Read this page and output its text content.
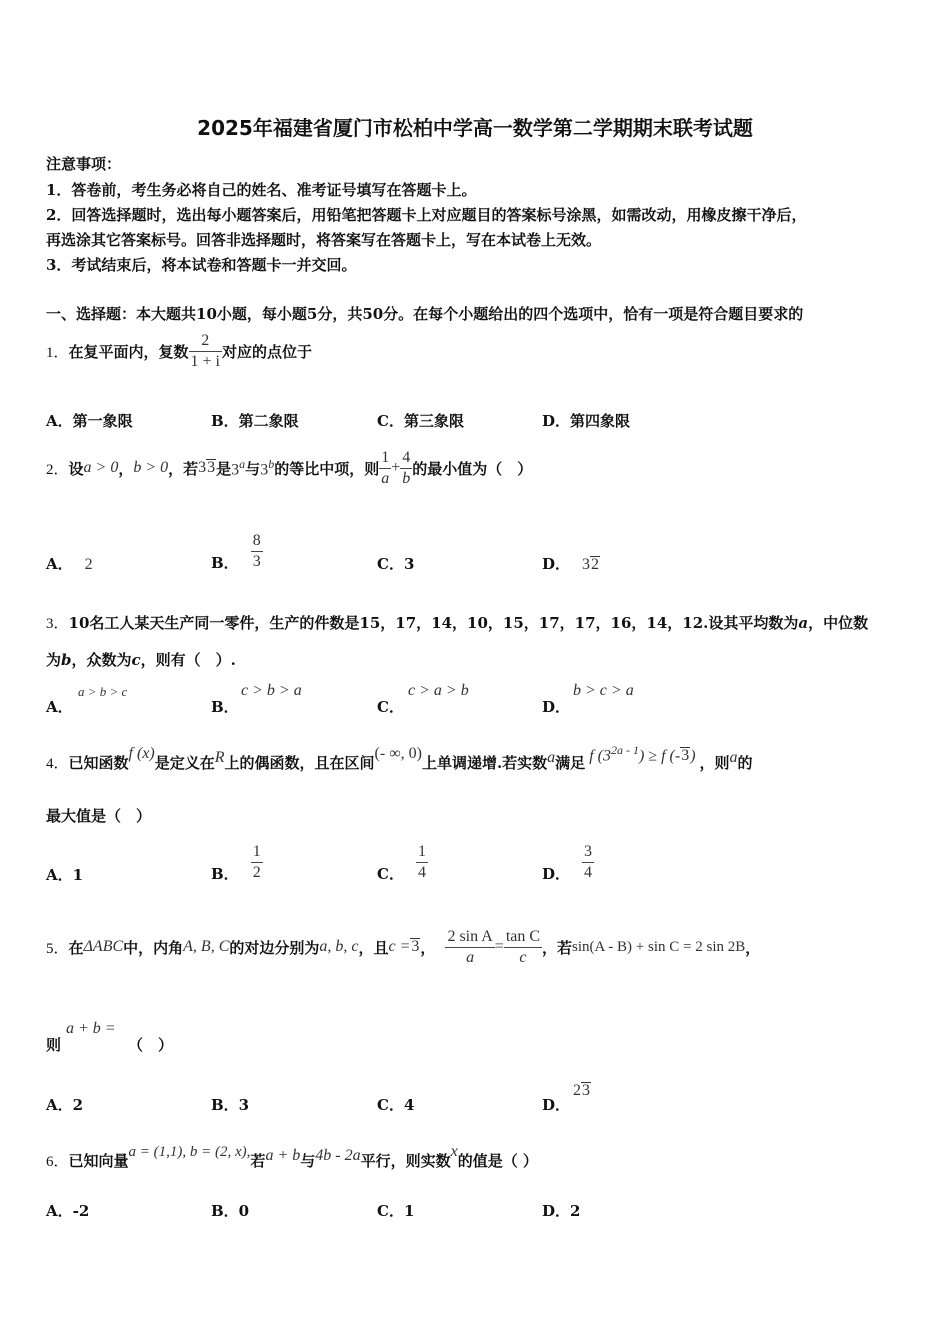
2025年福建省厦门市松柏中学高一数学第二学期期末联考试题
注意事项：
1．答卷前，考生务必将自己的姓名、准考证号填写在答题卡上。
2．回答选择题时，选出每小题答案后，用铅笔把答题卡上对应题目的答案标号涂黑，如需改动，用橡皮擦干净后，
再选涂其它答案标号。回答非选择题时，将答案写在答题卡上，写在本试卷上无效。
3．考试结束后，将本试卷和答题卡一并交回。
一、选择题：本大题共10小题，每小题5分，共50分。在每个小题给出的四个选项中，恰有一项是符合题目要求的
1． 在复平面内，复数 $\frac{2}{1 + i}$ 对应的点位于
A．第一象限	B．第二象限	C．第三象限	D．第四象限
2． 设 a > 0 ， b > 0 ，若 33 是 3$^a$ 与 3$^b$ 的等比中项，则 $\frac{1}{a} + \frac{4}{b}$ 的最小值为（　）
A． 2	B． $\frac{8}{3}$	C．3	D． 32
3．10名工人某天生产同一零件，生产的件数是15，17，14，10，15，17，17，16，14，12.设其平均数为a，中位数
为b，众数为c，则有（　）.
A．
a > b > c
B．
c > b > a
C．
c > a > b
D．
b > c > a
4． 已知函数 f (x) 是定义在 R 上的偶函数，且在区间 (- ∞, 0) 上单调递增.若实数 a 满足 f $(3^{2a - 1}) \ge f$ (-3) ，则 a 的
最大值是（　）
A．1	B． $\frac{1}{2}$	C． $\frac{1}{4}$	D． $\frac{3}{4}$
5． 在 ΔABC 中，内角 A, B, C 的对边分别为 a, b, c ，且 c =3 ， $\frac{\text{2 sin A}}{a} = \frac{\text{tan C}}{c}$ ，若 sin(A - B) + sin C = 2 sin 2B ，
则
a + b =
（　）
A．2	B．3	C．4	D．
23
6． 已知向量 a = (1,1), b = (2, x), 若 a + b 与 4b - 2a 平行，则实数 x 的值是（ ）
A．-2	B．0	C．1	D．2
